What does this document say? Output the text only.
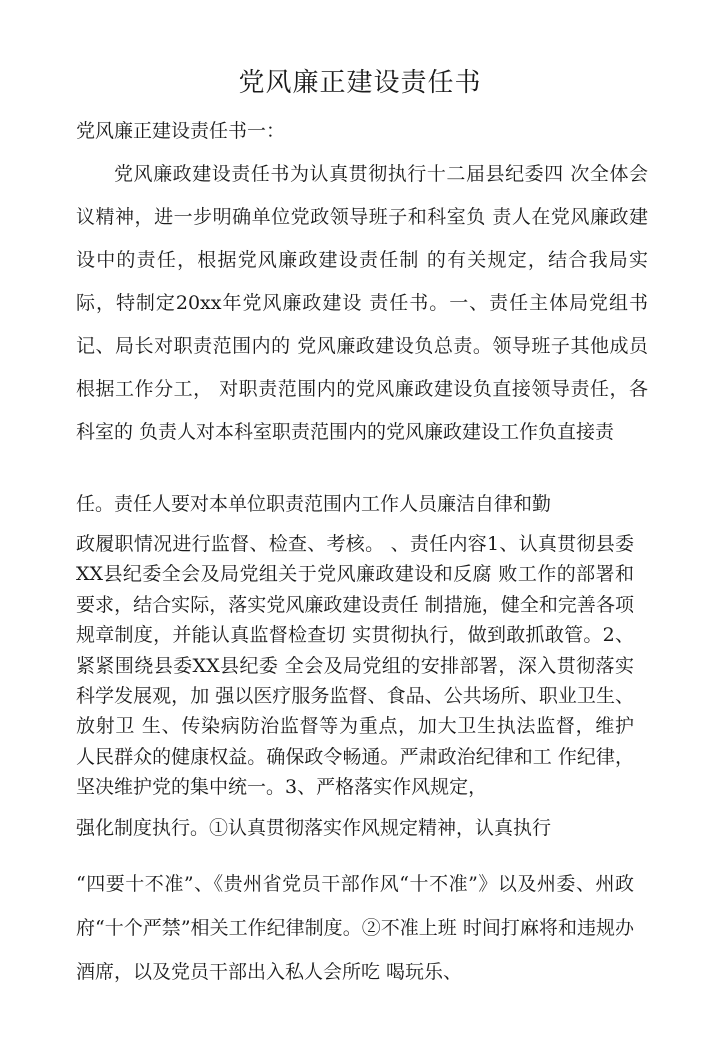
党风廉正建设责任书
党风廉正建设责任书一：

党风廉政建设责任书为认真贯彻执行十二届县纪委四 次全体会议精神，进一步明确单位党政领导班子和科室负 责人在党风廉政建设中的责任，根据党风廉政建设责任制 的有关规定，结合我局实际，特制定20xx年党风廉政建设 责任书。一、责任主体局党组书记、局长对职责范围内的 党风廉政建设负总责。领导班子其他成员根据工作分工， 对职责范围内的党风廉政建设负直接领导责任，各科室的 负责人对本科室职责范围内的党风廉政建设工作负直接责

任。责任人要对本单位职责范围内工作人员廉洁自律和勤

政履职情况进行监督、检查、考核。 、责任内容1、认真贯彻县委XX县纪委全会及局党组关于党风廉政建设和反腐 败工作的部署和要求，结合实际，落实党风廉政建设责任 制措施，健全和完善各项规章制度，并能认真监督检查切 实贯彻执行，做到敢抓敢管。2、紧紧围绕县委XX县纪委 全会及局党组的安排部署，深入贯彻落实科学发展观，加 强以医疗服务监督、食品、公共场所、职业卫生、放射卫 生、传染病防治监督等为重点，加大卫生执法监督，维护 人民群众的健康权益。确保政令畅通。严肃政治纪律和工 作纪律，坚决维护党的集中统一。3、严格落实作风规定，

强化制度执行。①认真贯彻落实作风规定精神，认真执行

“四要十不准”、《贵州省党员干部作风“十不准”》以及州委、州政府“十个严禁”相关工作纪律制度。②不准上班 时间打麻将和违规办酒席，以及党员干部出入私人会所吃 喝玩乐、
